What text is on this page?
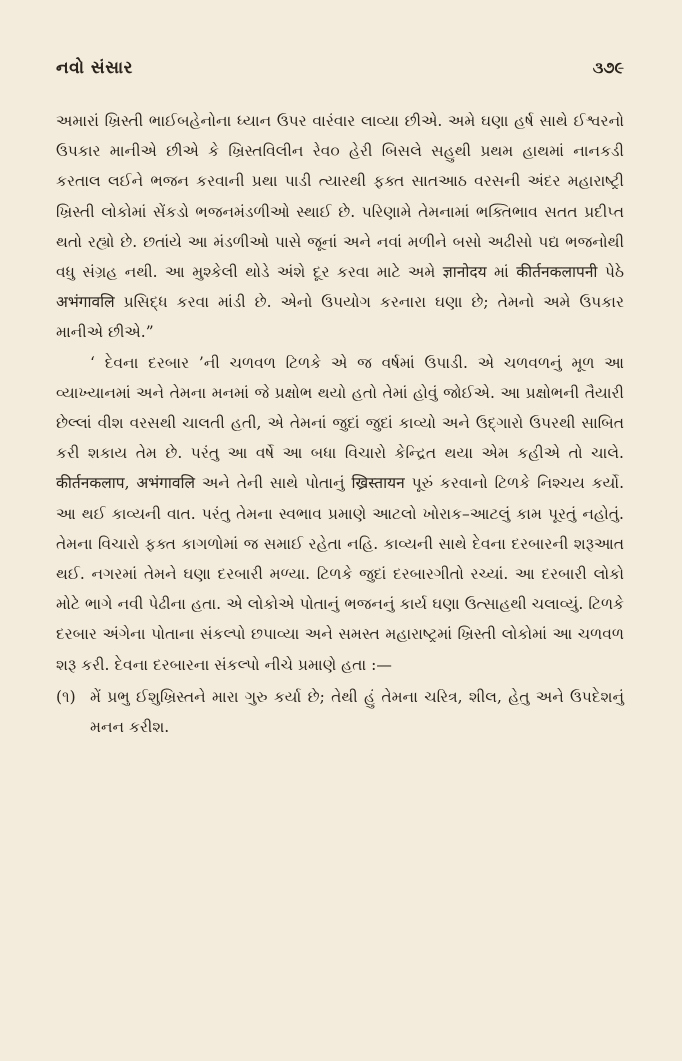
નવો સંસાર	૩૭૯

અમારાં ખ્રિસ્તી ભાઈબહેનોના ધ્યાન ઉપર વારંવાર લાવ્યા છીએ. અમે ઘણા હર્ષ સાથે ઈશ્વરનો ઉપકાર માનીએ છીએ કે ખ્રિસ્તવિલીન રેવ૦ હેરી બિસલે સહુથી પ્રથમ હાથમાં નાનકડી કરતાલ લઈને ભજન કરવાની પ્રથા પાડી ત્યારથી ફક્ત સાતઆઠ વરસની અંદર મહારાષ્ટ્રી ખ્રિસ્તી લોકોમાં સેંકડો ભજનમંડળીઓ સ્થાઈ છે. પરિણામે તેમનામાં ભક્તિભાવ સતત પ્રદીપ્ત થતો રહ્યો છે. છતાંયે આ મંડળીઓ પાસે જૂનાં અને નવાં મળીને બસો અઢીસો પદ્ય ભજનોથી વધુ સંગ્રહ નથી. આ મુશ્કેલી થોડે અંશે દૂર કરવા માટે અમે ज्ञानोदय માં कीर्तनकलापनी પેઠે अभंगावलि પ્રસિદ્ધ કરવા માંડી છે. એનો ઉપયોગ કરનારા ઘણા છે; તેમનો અમે ઉપકાર માનીએ છીએ.”

‘ દેવના દરબાર ’ની ચળવળ ટિળકે એ જ વર્ષમાં ઉપાડી. એ ચળવળનું મૂળ આ વ્યાખ્યાનમાં અને તેમના મનમાં જે પ્રક્ષોભ થયો હતો તેમાં હોવું જોઈએ. આ પ્રક્ષોભની તૈયારી છેલ્લાં વીશ વરસથી ચાલતી હતી, એ તેમનાં જુદાં જુદાં કાવ્યો અને ઉદ્ગારો ઉપરથી સાબિત કરી શકાય તેમ છે. પરંતુ આ વર્ષે આ બધા વિચારો કેન્દ્રિત થયા એમ કહીએ તો ચાલે. कीर्तनकलाप, अभंगावलि અને તેની સાથે પોતાનું ख्रिस्तायन પૂરું કરવાનો ટિળકે નિશ્ચય કર્યો. આ થઈ કાવ્યની વાત. પરંતુ તેમના સ્વભાવ પ્રમાણે આટલો ખોરાક–આટલું કામ પૂરતું નહોતું. તેમના વિચારો ફક્ત કાગળોમાં જ સમાઈ રહેતા નહિ. કાવ્યની સાથે દેવના દરબારની શરૂઆત થઈ. નગરમાં તેમને ઘણા દરબારી મળ્યા. ટિળકે જુદાં દરબારગીતો રચ્યાં. આ દરબારી લોકો મોટે ભાગે નવી પેઢીના હતા. એ લોકોએ પોતાનું ભજનનું કાર્ય ઘણા ઉત્સાહથી ચલાવ્યું. ટિળકે દરબાર અંગેના પોતાના સંકલ્પો છપાવ્યા અને સમસ્ત મહારાષ્ટ્રમાં ખ્રિસ્તી લોકોમાં આ ચળવળ શરૂ કરી. દેવના દરબારના સંકલ્પો નીચે પ્રમાણે હતા :—

(૧) મેં પ્રભુ ઈશુખ્રિસ્તને મારા ગુરુ કર્યા છે; તેથી હું તેમના ચરિત્ર, શીલ, હેતુ અને ઉપદેશનું મનન કરીશ.
